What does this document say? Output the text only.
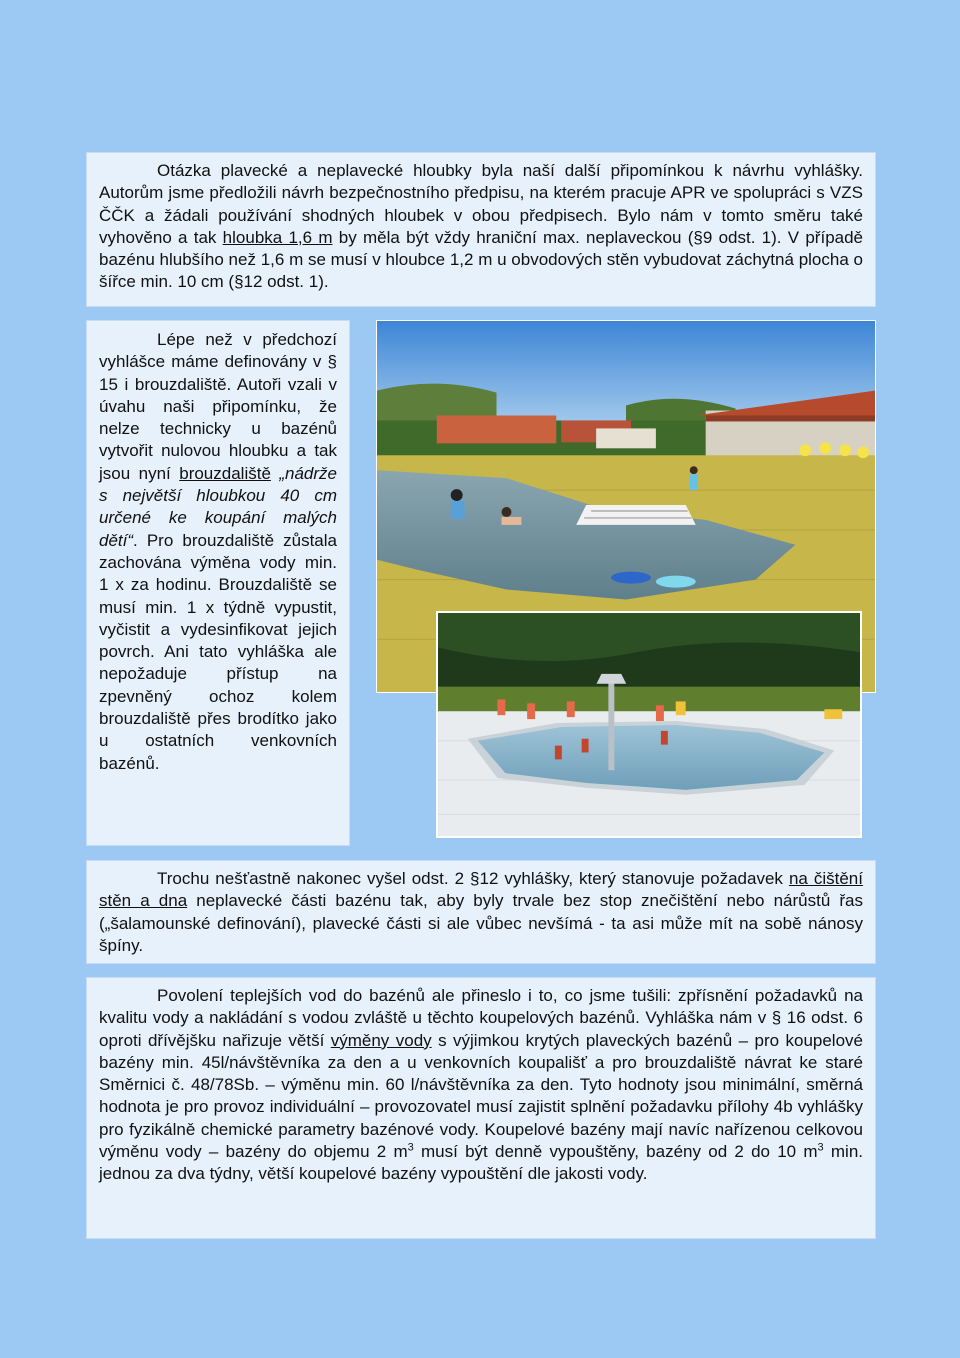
Otázka plavecké a neplavecké hloubky byla naší další připomínkou k návrhu vyhlášky. Autorům jsme předložili návrh bezpečnostního předpisu, na kterém pracuje APR ve spolupráci s VZS ČČK a žádali používání shodných hloubek v obou předpisech. Bylo nám v tomto směru také vyhověno a tak hloubka 1,6 m by měla být vždy hraniční max. neplaveckou (§9 odst. 1). V případě bazénu hlubšího než 1,6 m se musí v hloubce 1,2 m u obvodových stěn vybudovat záchytná plocha o šířce min. 10 cm (§12 odst. 1).

Lépe než v předchozí vyhlášce máme definovány v § 15 i brouzdaliště. Autoři vzali v úvahu naši připomínku, že nelze technicky u bazénů vytvořit nulovou hloubku a tak jsou nyní brouzdaliště „nádrže s největší hloubkou 40 cm určené ke koupání malých dětí“. Pro brouzdaliště zůstala zachována výměna vody min. 1 x za hodinu. Brouzdaliště se musí min. 1 x týdně vypustit, vyčistit a vydesinfikovat jejich povrch. Ani tato vyhláška ale nepožaduje přístup na zpevněný ochoz kolem brouzdaliště přes brodítko jako u ostatních venkovních bazénů.

Trochu nešťastně nakonec vyšel odst. 2 §12 vyhlášky, který stanovuje požadavek na čištění stěn a dna neplavecké části bazénu tak, aby byly trvale bez stop znečištění nebo nárůstů řas („šalamounské definování), plavecké části si ale vůbec nevšímá - ta asi může mít na sobě nánosy špíny.

Povolení teplejších vod do bazénů ale přineslo i to, co jsme tušili: zpřísnění požadavků na kvalitu vody a nakládání s vodou zvláště u těchto koupelových bazénů. Vyhláška nám v § 16 odst. 6 oproti dřívějšku nařizuje větší výměny vody s výjimkou krytých plaveckých bazénů – pro koupelové bazény min. 45l/návštěvníka za den a u venkovních koupališť a pro brouzdaliště návrat ke staré Směrnici č. 48/78Sb. – výměnu min. 60 l/návštěvníka za den. Tyto hodnoty jsou minimální, směrná hodnota je pro provoz individuální – provozovatel musí zajistit splnění požadavku přílohy 4b vyhlášky pro fyzikálně chemické parametry bazénové vody. Koupelové bazény mají navíc nařízenou celkovou výměnu vody – bazény do objemu 2 $m^3$ musí být denně vypouštěny, bazény od 2 do 10 $m^3$ min. jednou za dva týdny, větší koupelové bazény vypouštění dle jakosti vody.
